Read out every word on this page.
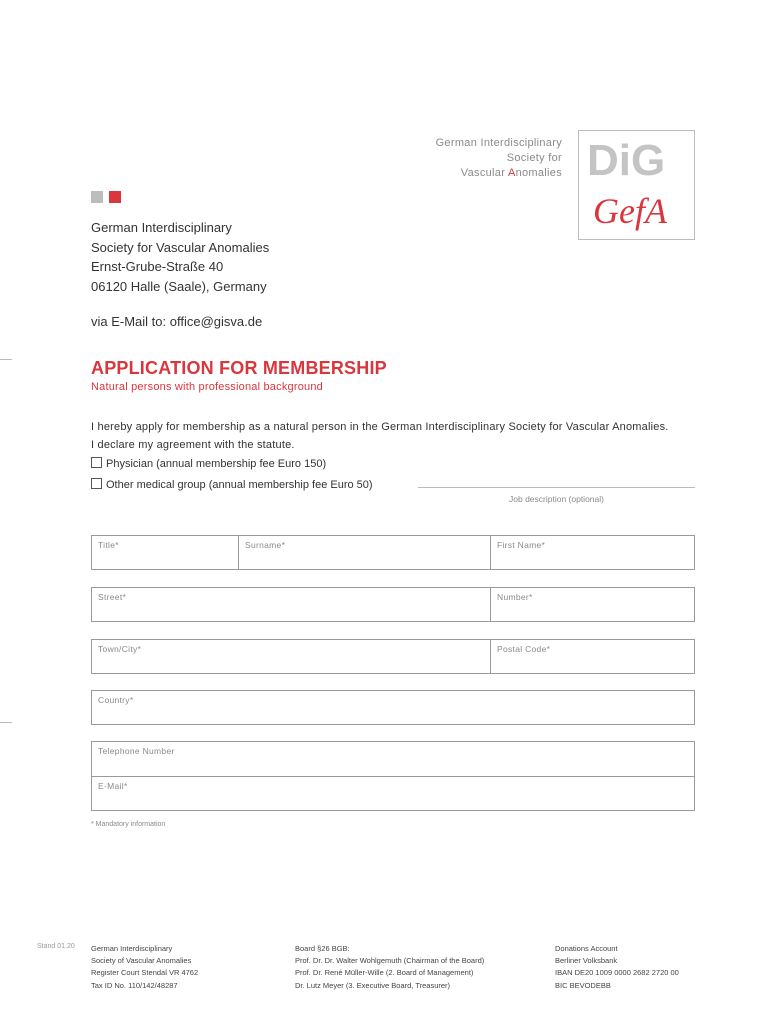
German Interdisciplinary
Society for
Vascular Anomalies DiG
GefA
German Interdisciplinary
Society for Vascular Anomalies
Ernst-Grube-Straße 40
06120 Halle (Saale), Germany
via E-Mail to: office@gisva.de
APPLICATION FOR MEMBERSHIP
Natural persons with professional background
I hereby apply for membership as a natural person in the German Interdisciplinary Society for Vascular Anomalies.
I declare my agreement with the statute.
Physician (annual membership fee Euro 150)
Other medical group (annual membership fee Euro 50)
Job description (optional)
Title*	Surname*	First Name*
Street*	Number*
Town/City*	Postal Code*
Country*
Telephone Number
E-Mail*
* Mandatory information
Stand 01.20 German Interdisciplinary
Society of Vascular Anomalies
Register Court Stendal VR 4762
Tax ID No. 110/142/48287
Board §26 BGB:
Prof. Dr. Dr. Walter Wohlgemuth (Chairman of the Board)
Prof. Dr. René Müller-Wille (2. Board of Management)
Dr. Lutz Meyer (3. Executive Board, Treasurer)
Donations Account
Berliner Volksbank
IBAN DE20 1009 0000 2682 2720 00
BIC BEVODEBB
